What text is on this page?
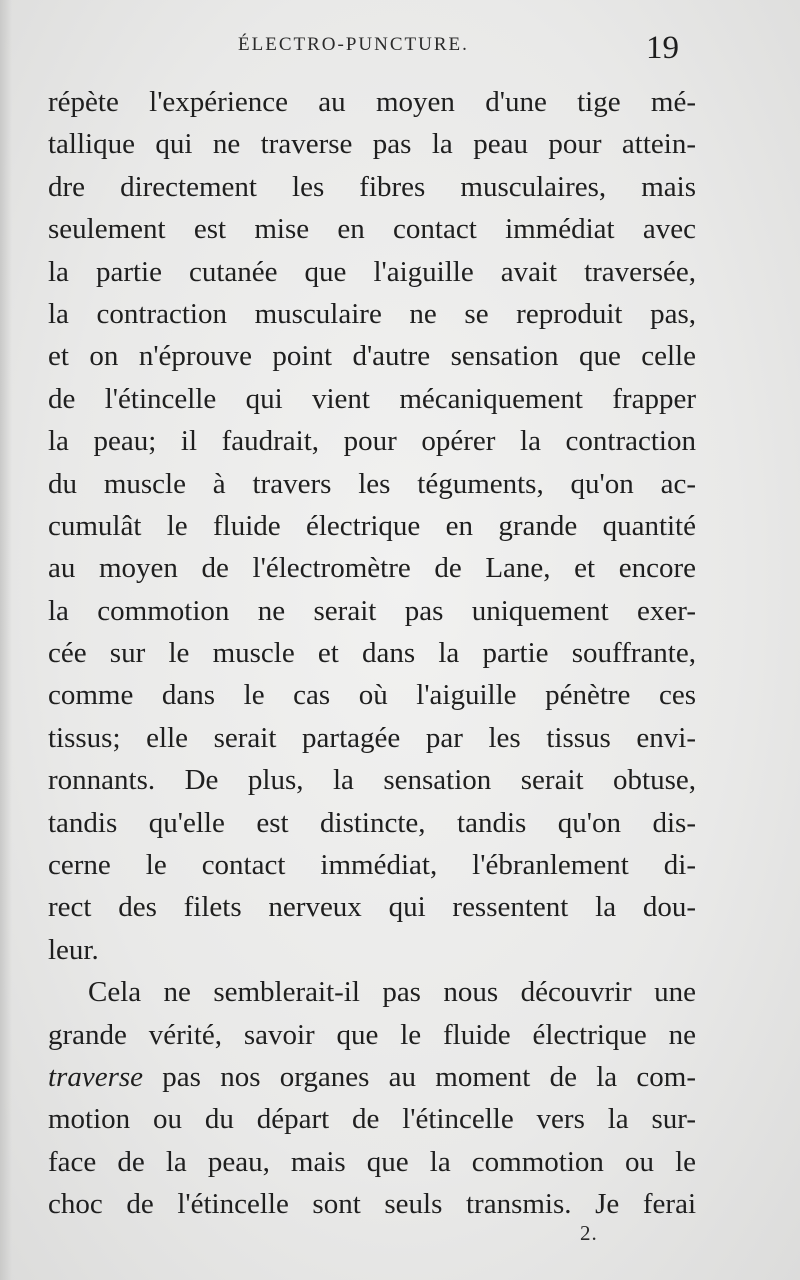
ÉLECTRO-PUNCTURE.	19
répète l'expérience au moyen d'une tige mé-
tallique qui ne traverse pas la peau pour attein-
dre directement les fibres musculaires, mais
seulement est mise en contact immédiat avec
la partie cutanée que l'aiguille avait traversée,
la contraction musculaire ne se reproduit pas,
et on n'éprouve point d'autre sensation que celle
de l'étincelle qui vient mécaniquement frapper
la peau; il faudrait, pour opérer la contraction
du muscle à travers les téguments, qu'on ac-
cumulât le fluide électrique en grande quantité
au moyen de l'électromètre de Lane, et encore
la commotion ne serait pas uniquement exer-
cée sur le muscle et dans la partie souffrante,
comme dans le cas où l'aiguille pénètre ces
tissus; elle serait partagée par les tissus envi-
ronnants. De plus, la sensation serait obtuse,
tandis qu'elle est distincte, tandis qu'on dis-
cerne le contact immédiat, l'ébranlement di-
rect des filets nerveux qui ressentent la dou-
leur.
Cela ne semblerait-il pas nous découvrir une
grande vérité, savoir que le fluide électrique ne
traverse pas nos organes au moment de la com-
motion ou du départ de l'étincelle vers la sur-
face de la peau, mais que la commotion ou le
choc de l'étincelle sont seuls transmis. Je ferai
2.
